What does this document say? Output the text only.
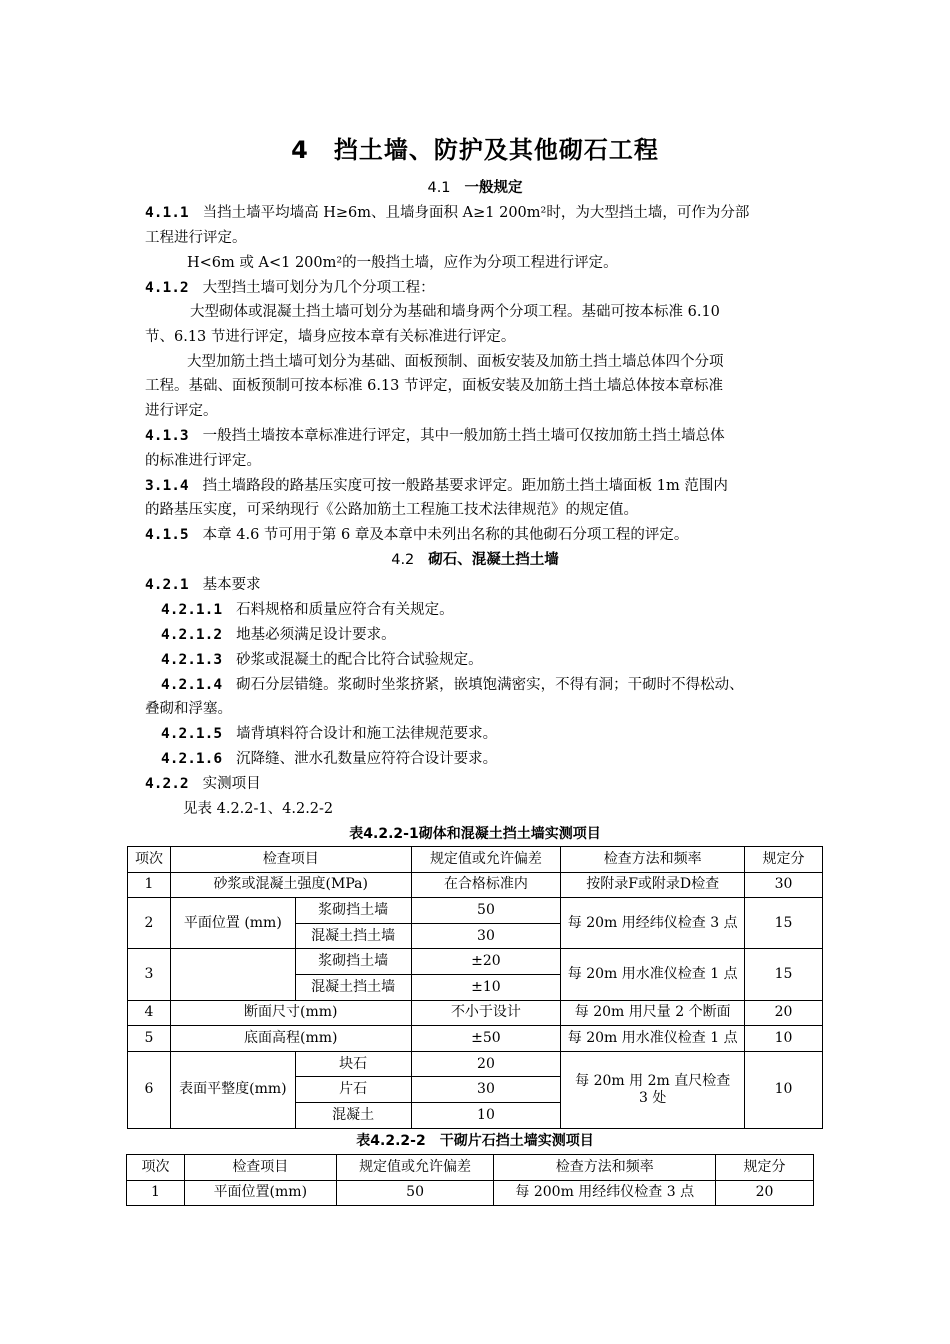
4　挡土墙、防护及其他砌石工程
4.1 一般规定
4.1.1 当挡土墙平均墙高 H≥6m、且墙身面积 A≥1 200m²时，为大型挡土墙，可作为分部
工程进行评定。
H<6m 或 A<1 200m²的一般挡土墙，应作为分项工程进行评定。
4.1.2 大型挡土墙可划分为几个分项工程：
大型砌体或混凝土挡土墙可划分为基础和墙身两个分项工程。基础可按本标准 6.10
节、6.13 节进行评定，墙身应按本章有关标准进行评定。
大型加筋土挡土墙可划分为基础、面板预制、面板安装及加筋土挡土墙总体四个分项
工程。基础、面板预制可按本标准 6.13 节评定，面板安装及加筋土挡土墙总体按本章标准
进行评定。
4.1.3 一般挡土墙按本章标准进行评定，其中一般加筋土挡土墙可仅按加筋土挡土墙总体
的标准进行评定。
3.1.4 挡土墙路段的路基压实度可按一般路基要求评定。距加筋土挡土墙面板 1m 范围内
的路基压实度，可采纳现行《公路加筋土工程施工技术法律规范》的规定值。
4.1.5 本章 4.6 节可用于第 6 章及本章中未列出名称的其他砌石分项工程的评定。
4.2 砌石、混凝土挡土墙
4.2.1 基本要求
4.2.1.1 石料规格和质量应符合有关规定。
4.2.1.2 地基必须满足设计要求。
4.2.1.3 砂浆或混凝土的配合比符合试验规定。
4.2.1.4 砌石分层错缝。浆砌时坐浆挤紧，嵌填饱满密实，不得有洞；干砌时不得松动、
叠砌和浮塞。
4.2.1.5 墙背填料符合设计和施工法律规范要求。
4.2.1.6 沉降缝、泄水孔数量应符符合设计要求。
4.2.2 实测项目
见表 4.2.2-1、4.2.2-2
表4.2.2-1砌体和混凝土挡土墙实测项目
项次	检查项目		规定值或允许偏差	检查方法和频率	规定分
1	砂浆或混凝土强度(MPa)		在合格标准内	按附录F或附录D检查	30
2	平面位置 (mm)	浆砌挡土墙	50	每 20m 用经纬仪检查 3 点	15
		混凝土挡土墙	30		
3		浆砌挡土墙	±20	每 20m 用水准仪检查 1 点	15
		混凝土挡土墙	±10		
4	断面尺寸(mm)		不小于设计	每 20m 用尺量 2 个断面	20
5	底面高程(mm)		±50	每 20m 用水准仪检查 1 点	10
6	表面平整度(mm)	块石	20	每 20m 用 2m 直尺检查 3 处	10
		片石	30		
		混凝土	10		
表4.2.2-2　干砌片石挡土墙实测项目
项次	检查项目	规定值或允许偏差	检查方法和频率	规定分
1	平面位置(mm)	50	每 200m 用经纬仪检查 3 点	20
